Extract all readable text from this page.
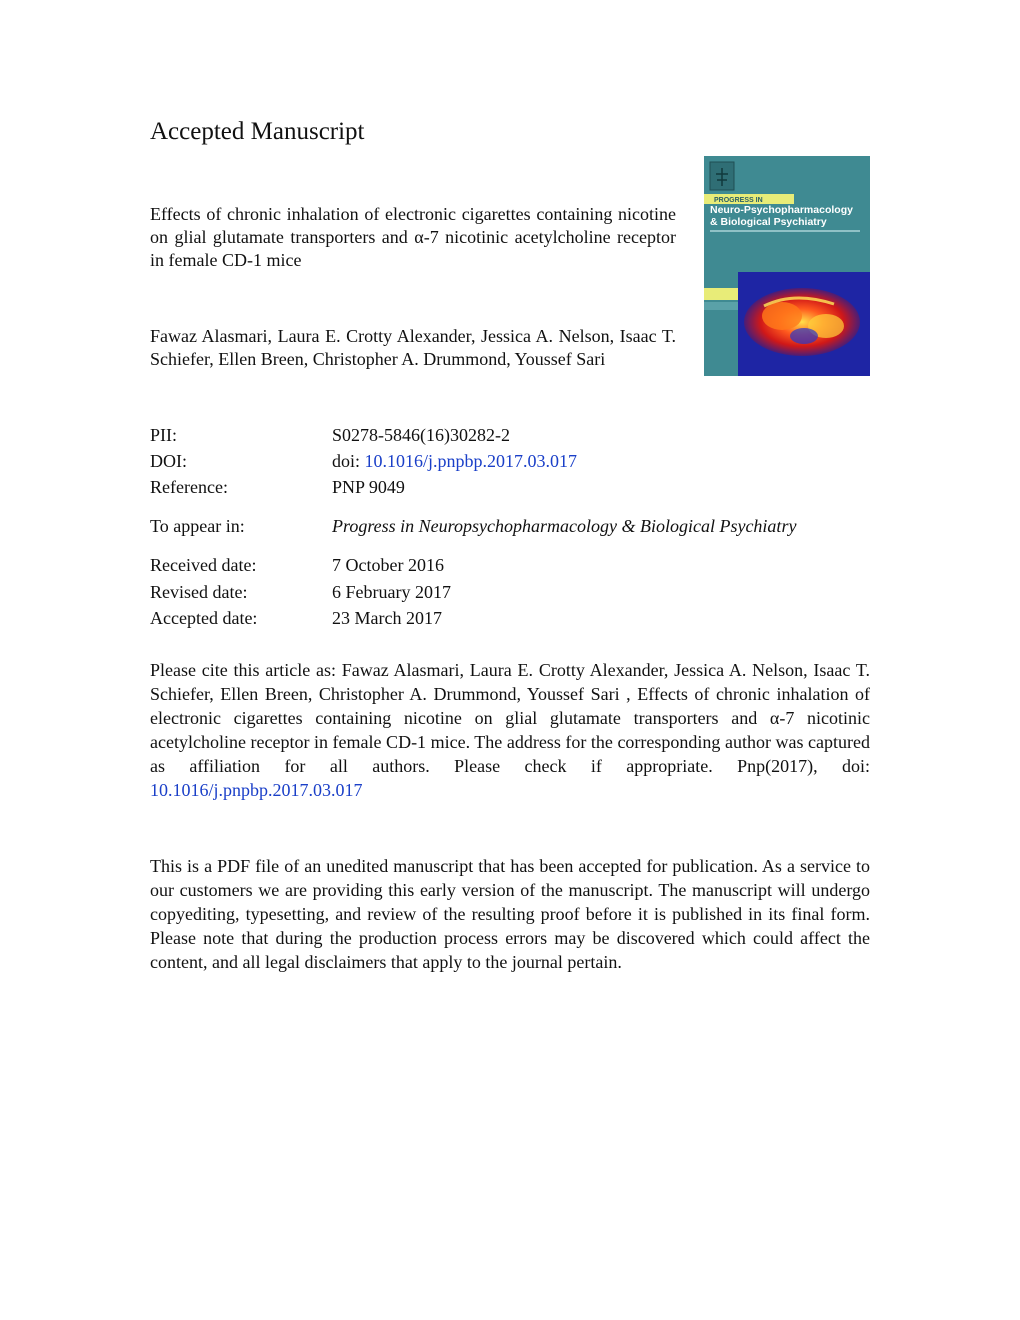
Accepted Manuscript
Effects of chronic inhalation of electronic cigarettes containing nicotine on glial glutamate transporters and α-7 nicotinic acetylcholine receptor in female CD-1 mice
Fawaz Alasmari, Laura E. Crotty Alexander, Jessica A. Nelson, Isaac T. Schiefer, Ellen Breen, Christopher A. Drummond, Youssef Sari
PROGRESS IN
Neuro-Psychopharmacology
& Biological Psychiatry
PII:	S0278-5846(16)30282-2
DOI:	doi: 10.1016/j.pnpbp.2017.03.017
Reference:	PNP 9049
To appear in:	Progress in Neuropsychopharmacology & Biological Psychiatry
Received date:	7 October 2016
Revised date:	6 February 2017
Accepted date:	23 March 2017
Please cite this article as: Fawaz Alasmari, Laura E. Crotty Alexander, Jessica A. Nelson, Isaac T. Schiefer, Ellen Breen, Christopher A. Drummond, Youssef Sari , Effects of chronic inhalation of electronic cigarettes containing nicotine on glial glutamate transporters and α-7 nicotinic acetylcholine receptor in female CD-1 mice. The address for the corresponding author was captured as affiliation for all authors. Please check if appropriate. Pnp(2017), doi: 10.1016/j.pnpbp.2017.03.017
This is a PDF file of an unedited manuscript that has been accepted for publication. As a service to our customers we are providing this early version of the manuscript. The manuscript will undergo copyediting, typesetting, and review of the resulting proof before it is published in its final form. Please note that during the production process errors may be discovered which could affect the content, and all legal disclaimers that apply to the journal pertain.
